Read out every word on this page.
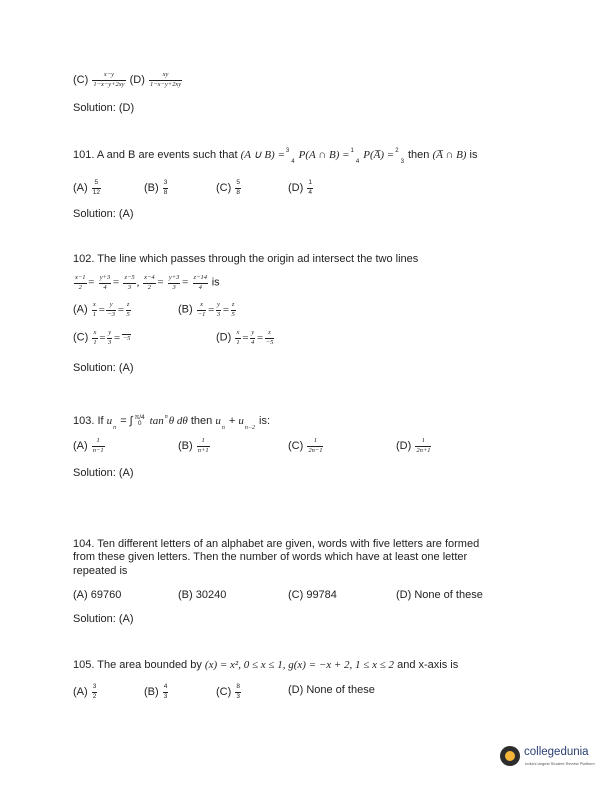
$(C) \frac{x-y}{1-x-y+2xy} (D) \frac{xy}{1-x-y+2xy}$
Solution: (D)
101. A and B are events such that (A ∪ B) =$^3_4$ P(A ∩ B) =$^1_4$ P(A̅) =$^2_3$ then (A̅ ∩ B) is
$(A) \frac{5}{12}$	$(B) \frac{3}{8}$	$(C) \frac{5}{8}$	$(D) \frac{1}{4}$
Solution: (A)
102. The line which passes through the origin ad intersect the two lines
$\frac{x-1}{2} = \frac{y+3}{4} = \frac{z-5}{3}$ , $\frac{x-4}{2} = \frac{y+3}{3} = \frac{z-14}{4}$ is
$(A) \frac{x}{1} = \frac{y}{-3} = \frac{z}{5}$	$(B) \frac{x}{-1} = \frac{y}{3} = \frac{z}{5}$
$(C) \frac{x}{1} = \frac{y}{3} = -5$	$(D) \frac{x}{1} = \frac{y}{4} = \frac{z}{-5}$
Solution: (A)
103. If $u_n$ = ∫ π/4
0 $\tan^n\theta$ dθ then $u_n + u_{n-2}$ is:
$(A) \frac{1}{n-1}$	$(B) \frac{1}{n+1}$	$(C) \frac{1}{2n-1}$	$(D) \frac{1}{2n+1}$
Solution: (A)
104. Ten different letters of an alphabet are given, words with five letters are formed
from these given letters. Then the number of words which have at least one letter
repeated is
(A) 69760	(B) 30240	(C) 99784	(D) None of these
Solution: (A)
105. The area bounded by (x) = x², 0 ≤ x ≤ 1, g(x) = −x + 2, 1 ≤ x ≤ 2 and x-axis is
$(A) \frac{3}{2}$	$(B) \frac{4}{3}$	$(C) \frac{8}{3}$	(D) None of these
collegedunia
India's largest Student Review Platform
